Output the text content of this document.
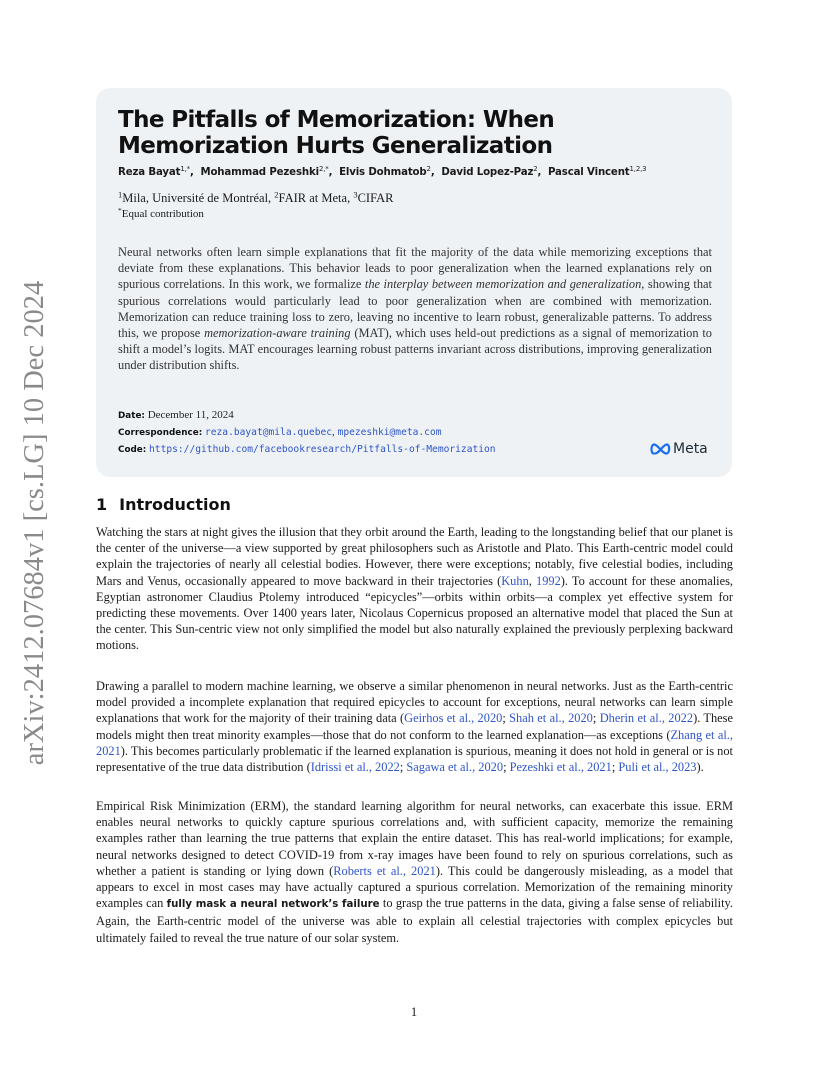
arXiv:2412.07684v1 [cs.LG] 10 Dec 2024
The Pitfalls of Memorization: When Memorization Hurts Generalization
Reza Bayat$^{1,*}$,  Mohammad Pezeshki$^{2,*}$,  Elvis Dohmatob$^2$,  David Lopez-Paz$^2$,  Pascal Vincent$^{1,2,3}$
$^1$Mila, Université de Montréal, $^2$FAIR at Meta, $^3$CIFAR
*Equal contribution

Neural networks often learn simple explanations that fit the majority of the data while memorizing exceptions that deviate from these explanations. This behavior leads to poor generalization when the learned explanations rely on spurious correlations. In this work, we formalize the interplay between memorization and generalization, showing that spurious correlations would particularly lead to poor generalization when are combined with memorization. Memorization can reduce training loss to zero, leaving no incentive to learn robust, generalizable patterns. To address this, we propose memorization-aware training (MAT), which uses held-out predictions as a signal of memorization to shift a model’s logits. MAT encourages learning robust patterns invariant across distributions, improving generalization under distribution shifts.

Date: December 11, 2024
Correspondence: reza.bayat@mila.quebec, mpezeshki@meta.com
Code: https://github.com/facebookresearch/Pitfalls-of-Memorization	Meta
1 Introduction

Watching the stars at night gives the illusion that they orbit around the Earth, leading to the longstanding belief that our planet is the center of the universe—a view supported by great philosophers such as Aristotle and Plato. This Earth-centric model could explain the trajectories of nearly all celestial bodies. However, there were exceptions; notably, five celestial bodies, including Mars and Venus, occasionally appeared to move backward in their trajectories (Kuhn, 1992). To account for these anomalies, Egyptian astronomer Claudius Ptolemy introduced “epicycles”—orbits within orbits—a complex yet effective system for predicting these movements. Over 1400 years later, Nicolaus Copernicus proposed an alternative model that placed the Sun at the center. This Sun-centric view not only simplified the model but also naturally explained the previously perplexing backward motions.

Drawing a parallel to modern machine learning, we observe a similar phenomenon in neural networks. Just as the Earth-centric model provided a incomplete explanation that required epicycles to account for exceptions, neural networks can learn simple explanations that work for the majority of their training data (Geirhos et al., 2020; Shah et al., 2020; Dherin et al., 2022). These models might then treat minority examples—those that do not conform to the learned explanation—as exceptions (Zhang et al., 2021). This becomes particularly problematic if the learned explanation is spurious, meaning it does not hold in general or is not representative of the true data distribution (Idrissi et al., 2022; Sagawa et al., 2020; Pezeshki et al., 2021; Puli et al., 2023).

Empirical Risk Minimization (ERM), the standard learning algorithm for neural networks, can exacerbate this issue. ERM enables neural networks to quickly capture spurious correlations and, with sufficient capacity, memorize the remaining examples rather than learning the true patterns that explain the entire dataset. This has real-world implications; for example, neural networks designed to detect COVID-19 from x-ray images have been found to rely on spurious correlations, such as whether a patient is standing or lying down (Roberts et al., 2021). This could be dangerously misleading, as a model that appears to excel in most cases may have actually captured a spurious correlation. Memorization of the remaining minority examples can fully mask a neural network’s failure to grasp the true patterns in the data, giving a false sense of reliability. Again, the Earth-centric model of the universe was able to explain all celestial trajectories with complex epicycles but ultimately failed to reveal the true nature of our solar system.

1
